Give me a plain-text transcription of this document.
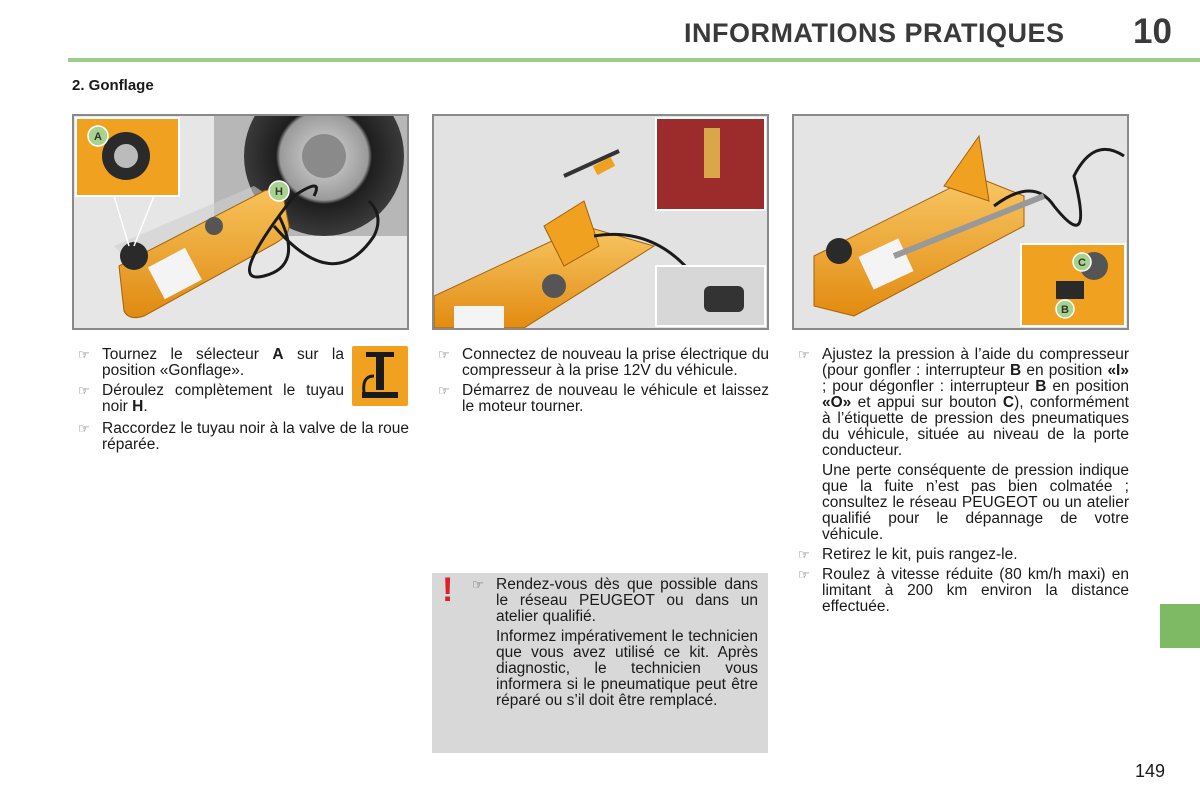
INFORMATIONS PRATIQUES 10
2. Gonflage
A
H
C
B
☞ Tournez le sélecteur A sur la position «Gonflage».
☞ Déroulez complètement le tuyau noir H.
☞ Raccordez le tuyau noir à la valve de la roue réparée.
☞ Connectez de nouveau la prise électrique du compresseur à la prise 12V du véhicule.
☞ Démarrez de nouveau le véhicule et laissez le moteur tourner.
! ☞ Rendez-vous dès que possible dans le réseau PEUGEOT ou dans un atelier qualifié.
Informez impérativement le technicien que vous avez utilisé ce kit. Après diagnostic, le technicien vous informera si le pneumatique peut être réparé ou s’il doit être remplacé.
☞ Ajustez la pression à l’aide du compresseur (pour gonfler : interrupteur B en position «I» ; pour dégonfler : interrupteur B en position «O» et appui sur bouton C), conformément à l’étiquette de pression des pneumatiques du véhicule, située au niveau de la porte conducteur.
Une perte conséquente de pression indique que la fuite n’est pas bien colmatée ; consultez le réseau PEUGEOT ou un atelier qualifié pour le dépannage de votre véhicule.
☞ Retirez le kit, puis rangez-le.
☞ Roulez à vitesse réduite (80 km/h maxi) en limitant à 200 km environ la distance effectuée.
149
